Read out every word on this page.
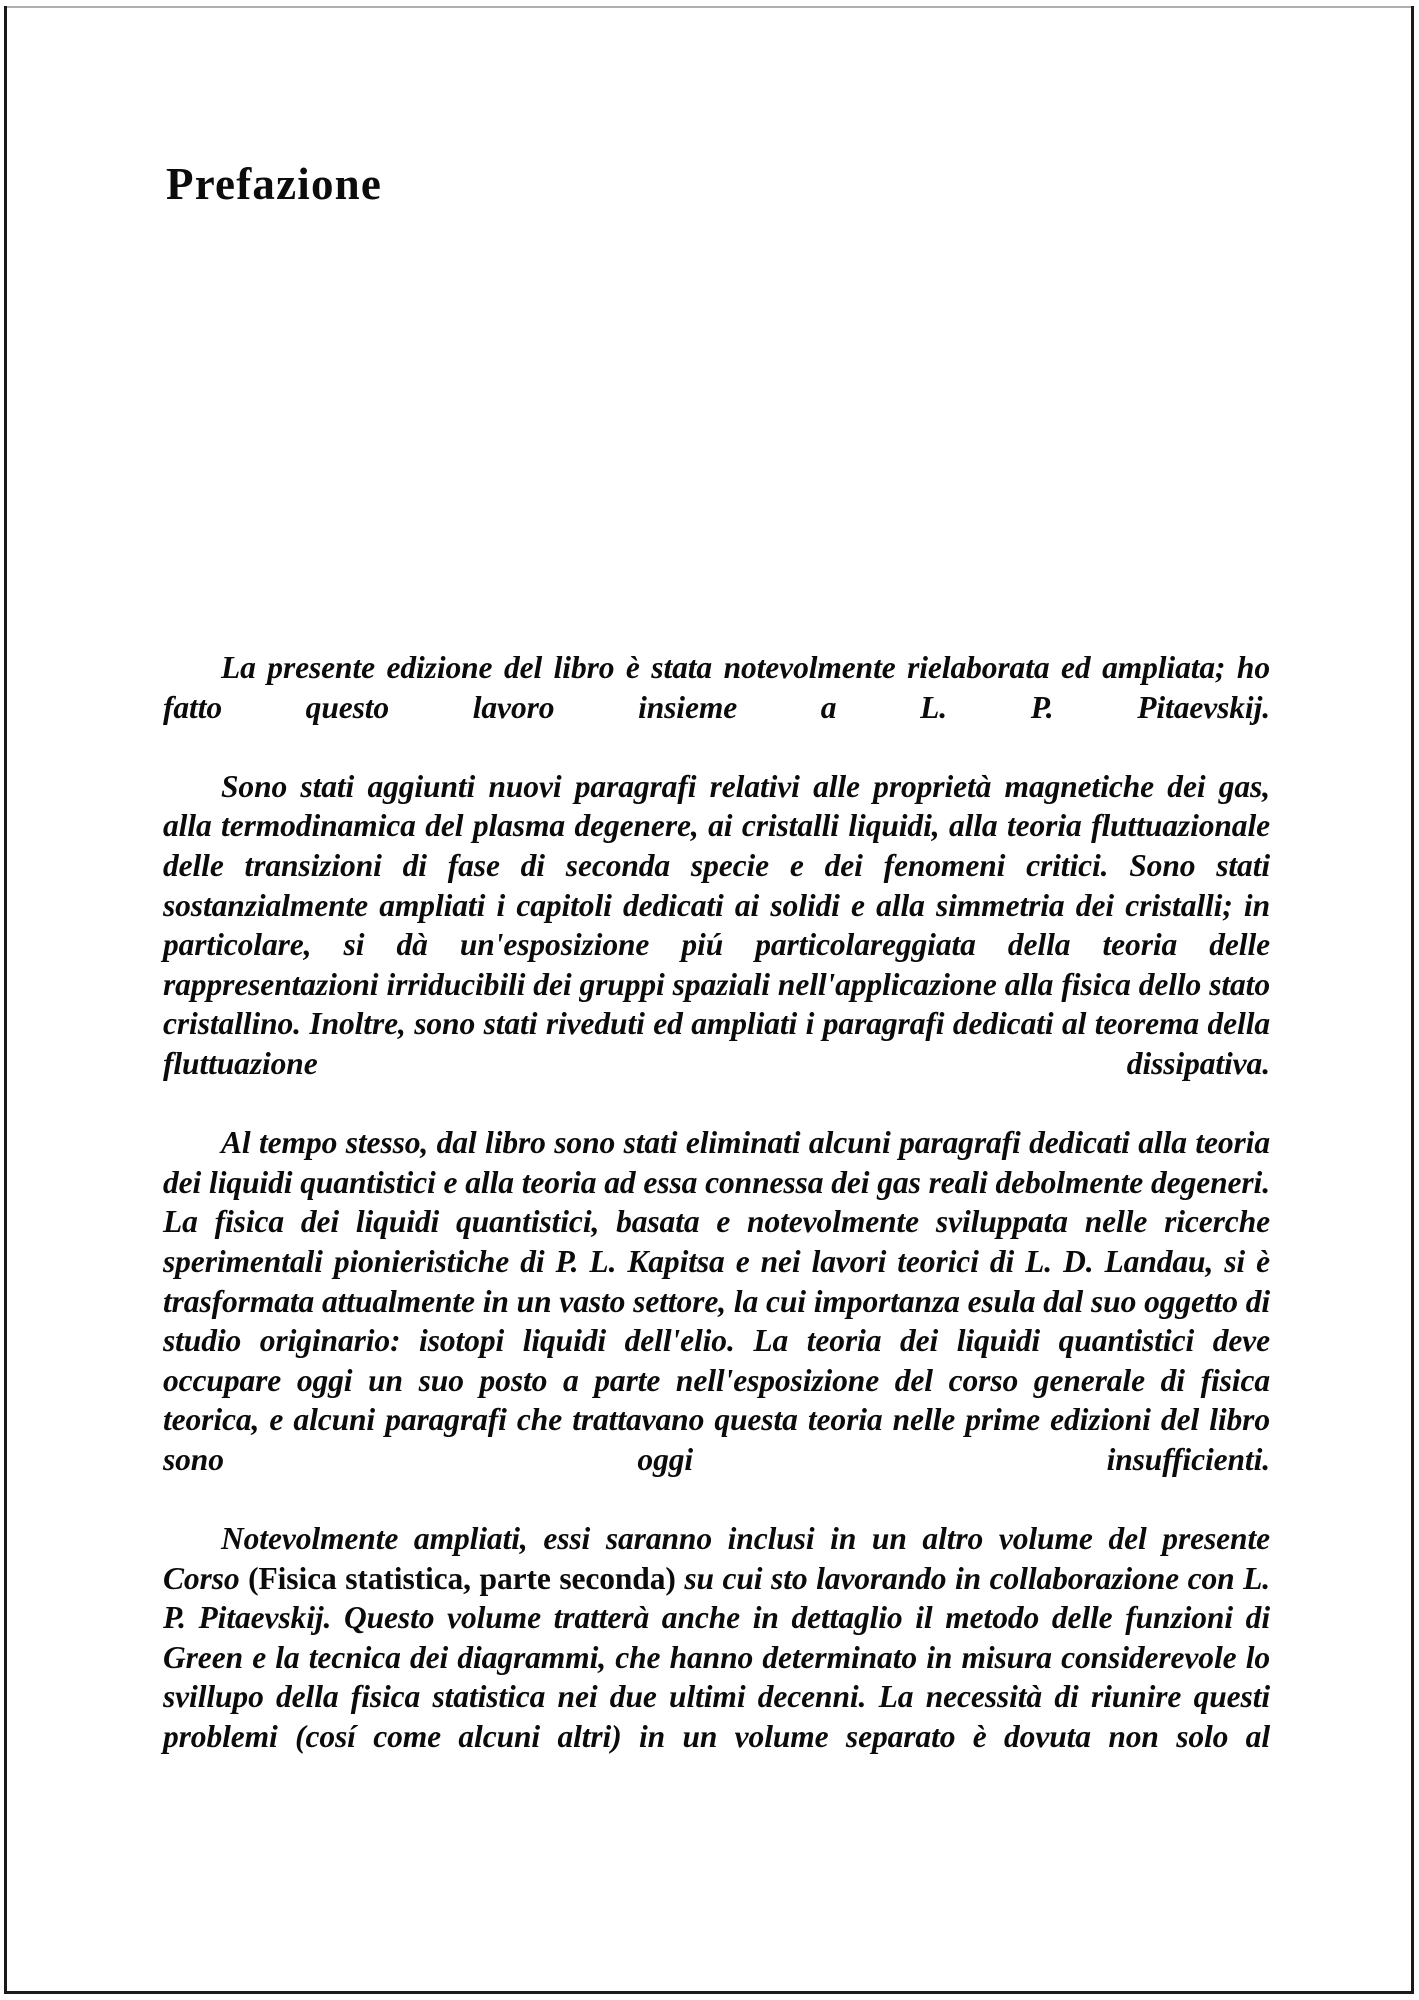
Prefazione

La presente edizione del libro è stata notevolmente rielaborata ed ampliata; ho fatto questo lavoro insieme a L. P. Pitaevskij.

Sono stati aggiunti nuovi paragrafi relativi alle proprietà magnetiche dei gas, alla termodinamica del plasma degenere, ai cristalli liquidi, alla teoria fluttuazionale delle transizioni di fase di seconda specie e dei fenomeni critici. Sono stati sostanzialmente ampliati i capitoli dedicati ai solidi e alla simmetria dei cristalli; in particolare, si dà un'esposizione piú particolareggiata della teoria delle rappresentazioni irriducibili dei gruppi spaziali nell'applicazione alla fisica dello stato cristallino. Inoltre, sono stati riveduti ed ampliati i paragrafi dedicati al teorema della fluttuazione dissipativa.

Al tempo stesso, dal libro sono stati eliminati alcuni paragrafi dedicati alla teoria dei liquidi quantistici e alla teoria ad essa connessa dei gas reali debolmente degeneri. La fisica dei liquidi quantistici, basata e notevolmente sviluppata nelle ricerche sperimentali pionieristiche di P. L. Kapitsa e nei lavori teorici di L. D. Landau, si è trasformata attualmente in un vasto settore, la cui importanza esula dal suo oggetto di studio originario: isotopi liquidi dell'elio. La teoria dei liquidi quantistici deve occupare oggi un suo posto a parte nell'esposizione del corso generale di fisica teorica, e alcuni paragrafi che trattavano questa teoria nelle prime edizioni del libro sono oggi insufficienti.

Notevolmente ampliati, essi saranno inclusi in un altro volume del presente Corso (Fisica statistica, parte seconda) su cui sto lavorando in collaborazione con L. P. Pitaevskij. Questo volume tratterà anche in dettaglio il metodo delle funzioni di Green e la tecnica dei diagrammi, che hanno determinato in misura considerevole lo svillupo della fisica statistica nei due ultimi decenni. La necessità di riunire questi problemi (cosí come alcuni altri) in un volume separato è dovuta non solo al
